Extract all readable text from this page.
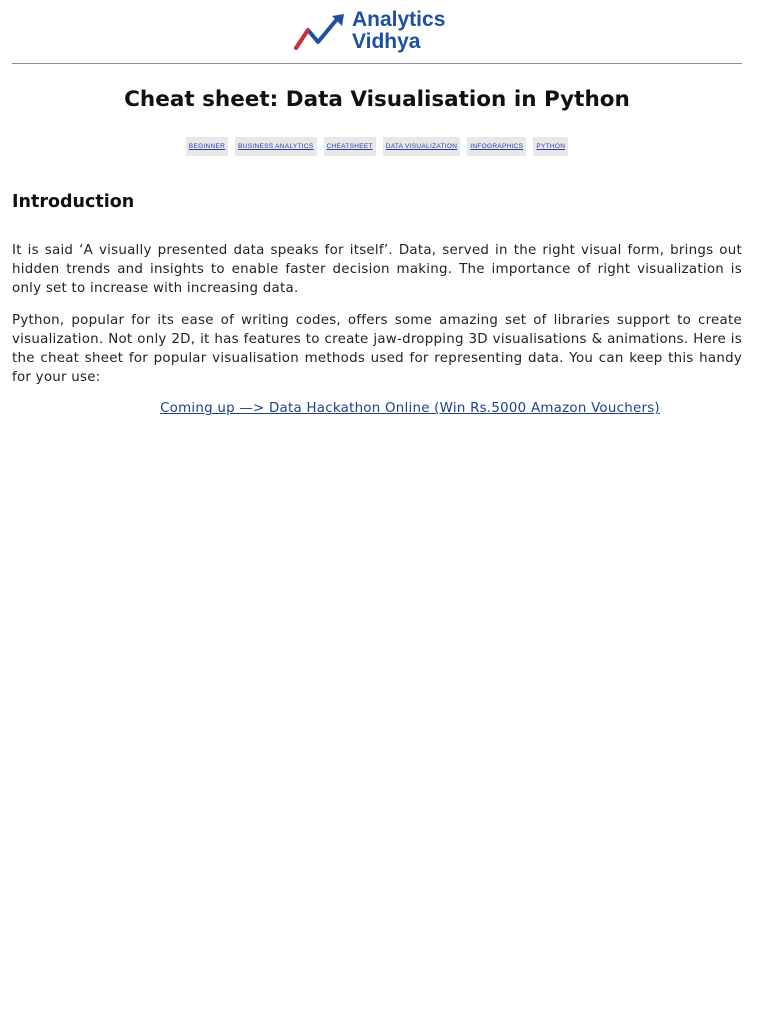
Analytics
Vidhya
Cheat sheet: Data Visualisation in Python
BEGINNER BUSINESS ANALYTICS CHEATSHEET DATA VISUALIZATION INFOGRAPHICS PYTHON
Introduction

It is said ‘A visually presented data speaks for itself’. Data, served in the right visual form, brings out hidden trends and insights to enable faster decision making. The importance of right visualization is only set to increase with increasing data.

Python, popular for its ease of writing codes, offers some amazing set of libraries support to create visualization. Not only 2D, it has features to create jaw-dropping 3D visualisations & animations. Here is the cheat sheet for popular visualisation methods used for representing data. You can keep this handy for your use:

Coming up —> Data Hackathon Online (Win Rs.5000 Amazon Vouchers)
